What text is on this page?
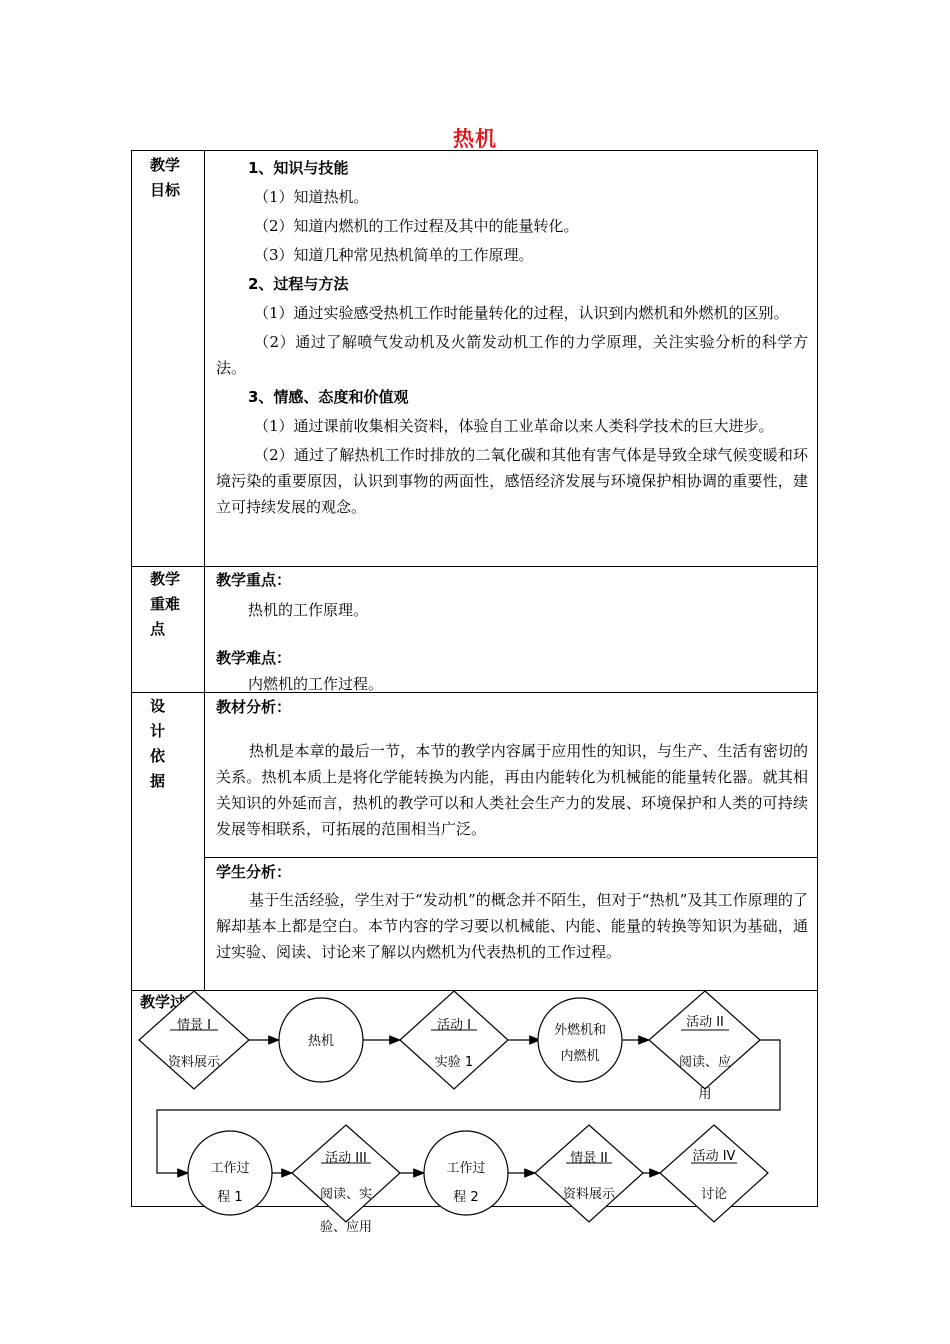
热机
教学
目标

1、知识与技能

（1）知道热机。

（2）知道内燃机的工作过程及其中的能量转化。

（3）知道几种常见热机简单的工作原理。

2、过程与方法

（1）通过实验感受热机工作时能量转化的过程，认识到内燃机和外燃机的区别。

（2）通过了解喷气发动机及火箭发动机工作的力学原理，关注实验分析的科学方法。

3、情感、态度和价值观

（1）通过课前收集相关资料，体验自工业革命以来人类科学技术的巨大进步。

（2）通过了解热机工作时排放的二氧化碳和其他有害气体是导致全球气候变暖和环境污染的重要原因，认识到事物的两面性，感悟经济发展与环境保护相协调的重要性，建立可持续发展的观念。

教学
重难
点

教学重点：

热机的工作原理。

教学难点：

内燃机的工作过程。

设
计
依
据

教材分析：

热机是本章的最后一节，本节的教学内容属于应用性的知识，与生产、生活有密切的关系。热机本质上是将化学能转换为内能，再由内能转化为机械能的能量转化器。就其相关知识的外延而言，热机的教学可以和人类社会生产力的发展、环境保护和人类的可持续发展等相联系，可拓展的范围相当广泛。

学生分析：

基于生活经验，学生对于“发动机”的概念并不陌生，但对于“热机”及其工作原理的了解却基本上都是空白。本节内容的学习要以机械能、内能、能量的转换等知识为基础，通过实验、阅读、讨论来了解以内燃机为代表热机的工作过程。

教学过程：
情景 I
资料展示
热机
活动 I
实验 1
外燃机和
内燃机
活动 II
阅读、应
用
工作过
程 1
活动 III
阅读、实
验、应用
工作过
程 2
情景 II
资料展示
活动 IV
讨论
